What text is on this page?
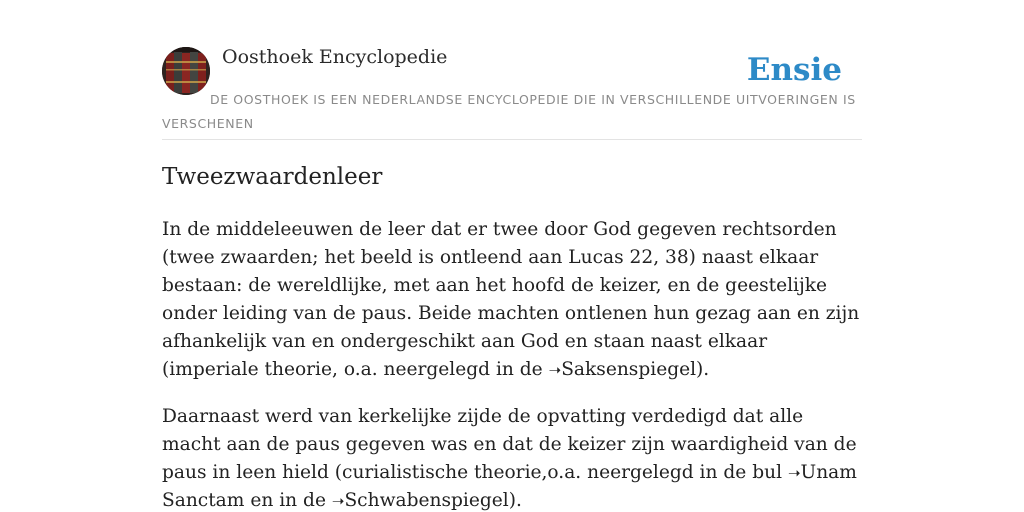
Oosthoek Encyclopedie	Ensie
DE OOSTHOEK IS EEN NEDERLANDSE ENCYCLOPEDIE DIE IN VERSCHILLENDE UITVOERINGEN IS VERSCHENEN
Tweezwaardenleer

In de middeleeuwen de leer dat er twee door God gegeven rechtsorden (twee zwaarden; het beeld is ontleend aan Lucas 22, 38) naast elkaar bestaan: de wereldlijke, met aan het hoofd de keizer, en de geestelijke onder leiding van de paus. Beide machten ontlenen hun gezag aan en zijn afhankelijk van en ondergeschikt aan God en staan naast elkaar (imperiale theorie, o.a. neergelegd in de ➝Saksenspiegel).

Daarnaast werd van kerkelijke zijde de opvatting verdedigd dat alle macht aan de paus gegeven was en dat de keizer zijn waardigheid van de paus in leen hield (curialistische theorie,o.a. neergelegd in de bul ➝Unam Sanctam en in de ➝Schwabenspiegel).
